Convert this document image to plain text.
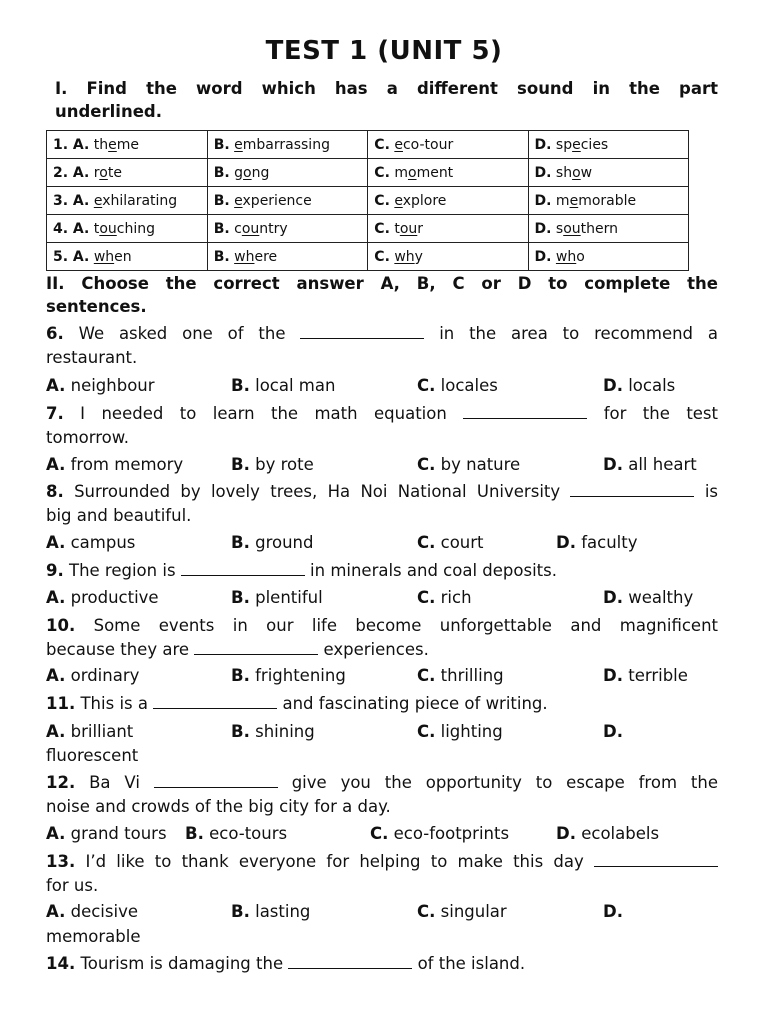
TEST 1 (UNIT 5)
I. Find the word which has a different sound in the part
underlined.
1. A. theme	B. embarrassing	C. eco-tour	D. species
2. A. rote	B. gong	C. moment	D. show
3. A. exhilarating	B. experience	C. explore	D. memorable
4. A. touching	B. country	C. tour	D. southern
5. A. when	B. where	C. why	D. who
II. Choose the correct answer A, B, C or D to complete the
sentences.
6. We asked one of the	in the area to recommend a
restaurant.
A. neighbour	B. local man	C. locales	D. locals
7. I needed to learn the math equation	for the test
tomorrow.
A. from memory	B. by rote	C. by nature	D. all heart
8. Surrounded by lovely trees, Ha Noi National University	is
big and beautiful.
A. campus	B. ground	C. court	D. faculty
9. The region is	in minerals and coal deposits.
A. productive	B. plentiful	C. rich	D. wealthy
10. Some events in our life become unforgettable and magnificent
because they are	experiences.
A. ordinary	B. frightening	C. thrilling	D. terrible
11. This is a	and fascinating piece of writing.
A. brilliant	B. shining	C. lighting	D.
fluorescent
12. Ba Vi	give you the opportunity to escape from the
noise and crowds of the big city for a day.
A. grand tours B. eco-tours	C. eco-footprints	D. ecolabels
13. I’d like to thank everyone for helping to make this day
for us.
A. decisive	B. lasting	C. singular	D.
memorable
14. Tourism is damaging the	of the island.
